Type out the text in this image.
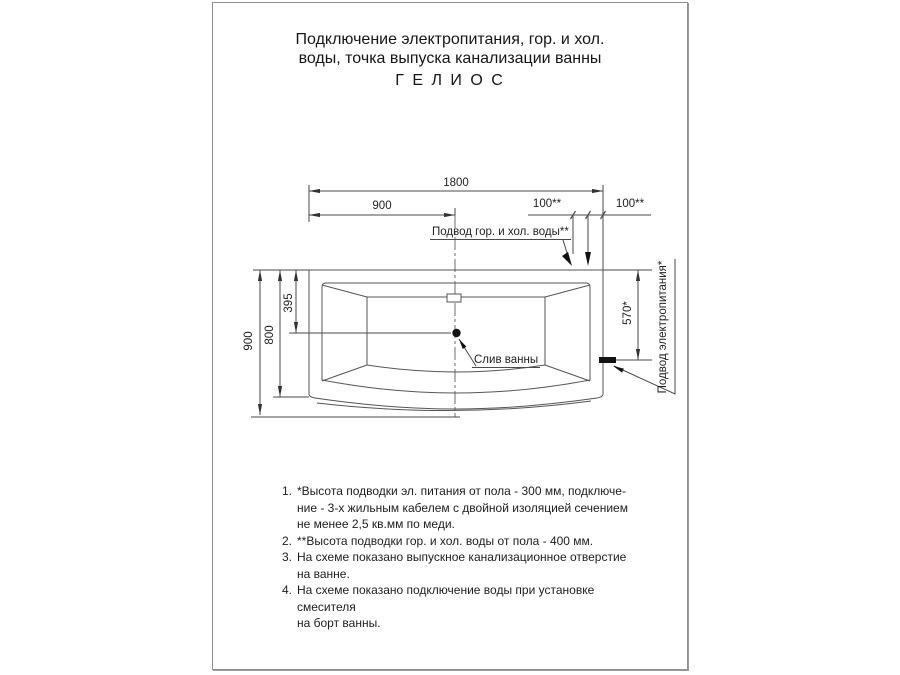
Подключение электропитания, гор. и хол.
воды, точка выпуска канализации ванны
Г Е Л И О С
1800
900	100**	100**
900 800
395	570* Подвод электропитания*
Подвод гор. и хол. воды**
Слив ванны
1. *Высота подводки эл. питания от пола - 300 мм, подключе-
ние - 3-х жильным кабелем с двойной изоляцией сечением
не менее 2,5 кв.мм по меди.
2. **Высота подводки гор. и хол. воды от пола - 400 мм.
3. На схеме показано выпускное канализационное отверстие
на ванне.
4. На схеме показано подключение воды при установке смесителя
на борт ванны.
